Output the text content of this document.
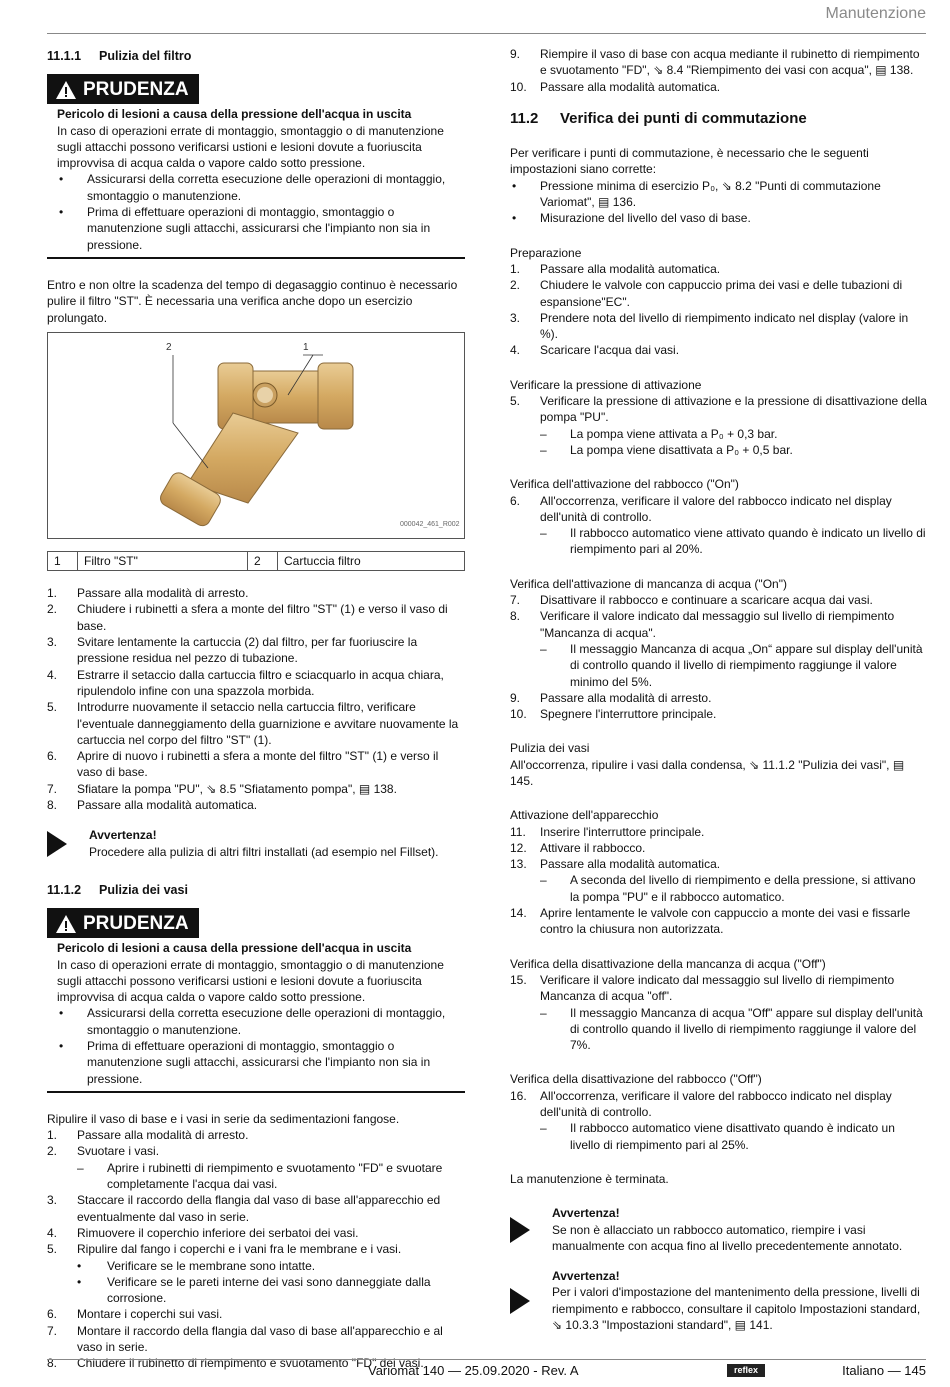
Manutenzione
11.1.1	Pulizia del filtro
PRUDENZA
Pericolo di lesioni a causa della pressione dell'acqua in uscita
In caso di operazioni errate di montaggio, smontaggio o di manutenzione sugli attacchi possono verificarsi ustioni e lesioni dovute a fuoriuscita improvvisa di acqua calda o vapore caldo sotto pressione.
•	Assicurarsi della corretta esecuzione delle operazioni di montaggio, smontaggio o manutenzione.
•	Prima di effettuare operazioni di montaggio, smontaggio o manutenzione sugli attacchi, assicurarsi che l'impianto non sia in pressione.
Entro e non oltre la scadenza del tempo di degasaggio continuo è necessario pulire il filtro "ST". È necessaria una verifica anche dopo un esercizio prolungato.
2	1
000042_461_R002
1	Filtro "ST"	2	Cartuccia filtro
1.	Passare alla modalità di arresto.
2.	Chiudere i rubinetti a sfera a monte del filtro "ST" (1) e verso il vaso di base.
3.	Svitare lentamente la cartuccia (2) dal filtro, per far fuoriuscire la pressione residua nel pezzo di tubazione.
4.	Estrarre il setaccio dalla cartuccia filtro e sciacquarlo in acqua chiara, ripulendolo infine con una spazzola morbida.
5.	Introdurre nuovamente il setaccio nella cartuccia filtro, verificare l'eventuale danneggiamento della guarnizione e avvitare nuovamente la cartuccia nel corpo del filtro "ST" (1).
6.	Aprire di nuovo i rubinetti a sfera a monte del filtro "ST" (1) e verso il vaso di base.
7.	Sfiatare la pompa "PU", ⇘ 8.5 "Sfiatamento pompa", ▤ 138.
8.	Passare alla modalità automatica.
Avvertenza!
Procedere alla pulizia di altri filtri installati (ad esempio nel Fillset).
11.1.2	Pulizia dei vasi
PRUDENZA
Pericolo di lesioni a causa della pressione dell'acqua in uscita
In caso di operazioni errate di montaggio, smontaggio o di manutenzione sugli attacchi possono verificarsi ustioni e lesioni dovute a fuoriuscita improvvisa di acqua calda o vapore caldo sotto pressione.
•	Assicurarsi della corretta esecuzione delle operazioni di montaggio, smontaggio o manutenzione.
•	Prima di effettuare operazioni di montaggio, smontaggio o manutenzione sugli attacchi, assicurarsi che l'impianto non sia in pressione.
Ripulire il vaso di base e i vasi in serie da sedimentazioni fangose.
1.	Passare alla modalità di arresto.
2.	Svuotare i vasi.
–	Aprire i rubinetti di riempimento e svuotamento "FD" e svuotare completamente l'acqua dai vasi.
3.	Staccare il raccordo della flangia dal vaso di base all'apparecchio ed eventualmente dal vaso in serie.
4.	Rimuovere il coperchio inferiore dei serbatoi dei vasi.
5.	Ripulire dal fango i coperchi e i vani fra le membrane e i vasi.
•	Verificare se le membrane sono intatte.
•	Verificare se le pareti interne dei vasi sono danneggiate dalla corrosione.
6.	Montare i coperchi sui vasi.
7.	Montare il raccordo della flangia dal vaso di base all'apparecchio e al vaso in serie.
8.	Chiudere il rubinetto di riempimento e svuotamento "FD" dei vasi.
9.	Riempire il vaso di base con acqua mediante il rubinetto di riempimento e svuotamento "FD", ⇘ 8.4 "Riempimento dei vasi con acqua", ▤ 138.
10.	Passare alla modalità automatica.
11.2	Verifica dei punti di commutazione
Per verificare i punti di commutazione, è necessario che le seguenti impostazioni siano corrette:
•	Pressione minima di esercizio P₀, ⇘ 8.2 "Punti di commutazione Variomat", ▤ 136.
•	Misurazione del livello del vaso di base.
Preparazione
1.	Passare alla modalità automatica.
2.	Chiudere le valvole con cappuccio prima dei vasi e delle tubazioni di espansione"EC".
3.	Prendere nota del livello di riempimento indicato nel display (valore in %).
4.	Scaricare l'acqua dai vasi.
Verificare la pressione di attivazione
5.	Verificare la pressione di attivazione e la pressione di disattivazione della pompa "PU".
–	La pompa viene attivata a P₀ + 0,3 bar.
–	La pompa viene disattivata a P₀ + 0,5 bar.
Verifica dell'attivazione del rabbocco ("On")
6.	All'occorrenza, verificare il valore del rabbocco indicato nel display dell'unità di controllo.
–	Il rabbocco automatico viene attivato quando è indicato un livello di riempimento pari al 20%.
Verifica dell'attivazione di mancanza di acqua ("On")
7.	Disattivare il rabbocco e continuare a scaricare acqua dai vasi.
8.	Verificare il valore indicato dal messaggio sul livello di riempimento "Mancanza di acqua".
–	Il messaggio Mancanza di acqua „On“ appare sul display dell'unità di controllo quando il livello di riempimento raggiunge il valore minimo del 5%.
9.	Passare alla modalità di arresto.
10.	Spegnere l'interruttore principale.
Pulizia dei vasi
All'occorrenza, ripulire i vasi dalla condensa, ⇘ 11.1.2 "Pulizia dei vasi", ▤ 145.
Attivazione dell'apparecchio
11.	Inserire l'interruttore principale.
12.	Attivare il rabbocco.
13.	Passare alla modalità automatica.
–	A seconda del livello di riempimento e della pressione, si attivano la pompa "PU" e il rabbocco automatico.
14.	Aprire lentamente le valvole con cappuccio a monte dei vasi e fissarle contro la chiusura non autorizzata.
Verifica della disattivazione della mancanza di acqua ("Off")
15.	Verificare il valore indicato dal messaggio sul livello di riempimento Mancanza di acqua "off".
–	Il messaggio Mancanza di acqua "Off" appare sul display dell'unità di controllo quando il livello di riempimento raggiunge il valore del 7%.
Verifica della disattivazione del rabbocco ("Off")
16.	All'occorrenza, verificare il valore del rabbocco indicato nel display dell'unità di controllo.
–	Il rabbocco automatico viene disattivato quando è indicato un livello di riempimento pari al 25%.
La manutenzione è terminata.
Avvertenza!
Se non è allacciato un rabbocco automatico, riempire i vasi manualmente con acqua fino al livello precedentemente annotato.
Avvertenza!
Per i valori d'impostazione del mantenimento della pressione, livelli di riempimento e rabbocco, consultare il capitolo Impostazioni standard, ⇘ 10.3.3 "Impostazioni standard", ▤ 141.
Variomat 140 — 25.09.2020 - Rev. A	reflex	Italiano — 145
